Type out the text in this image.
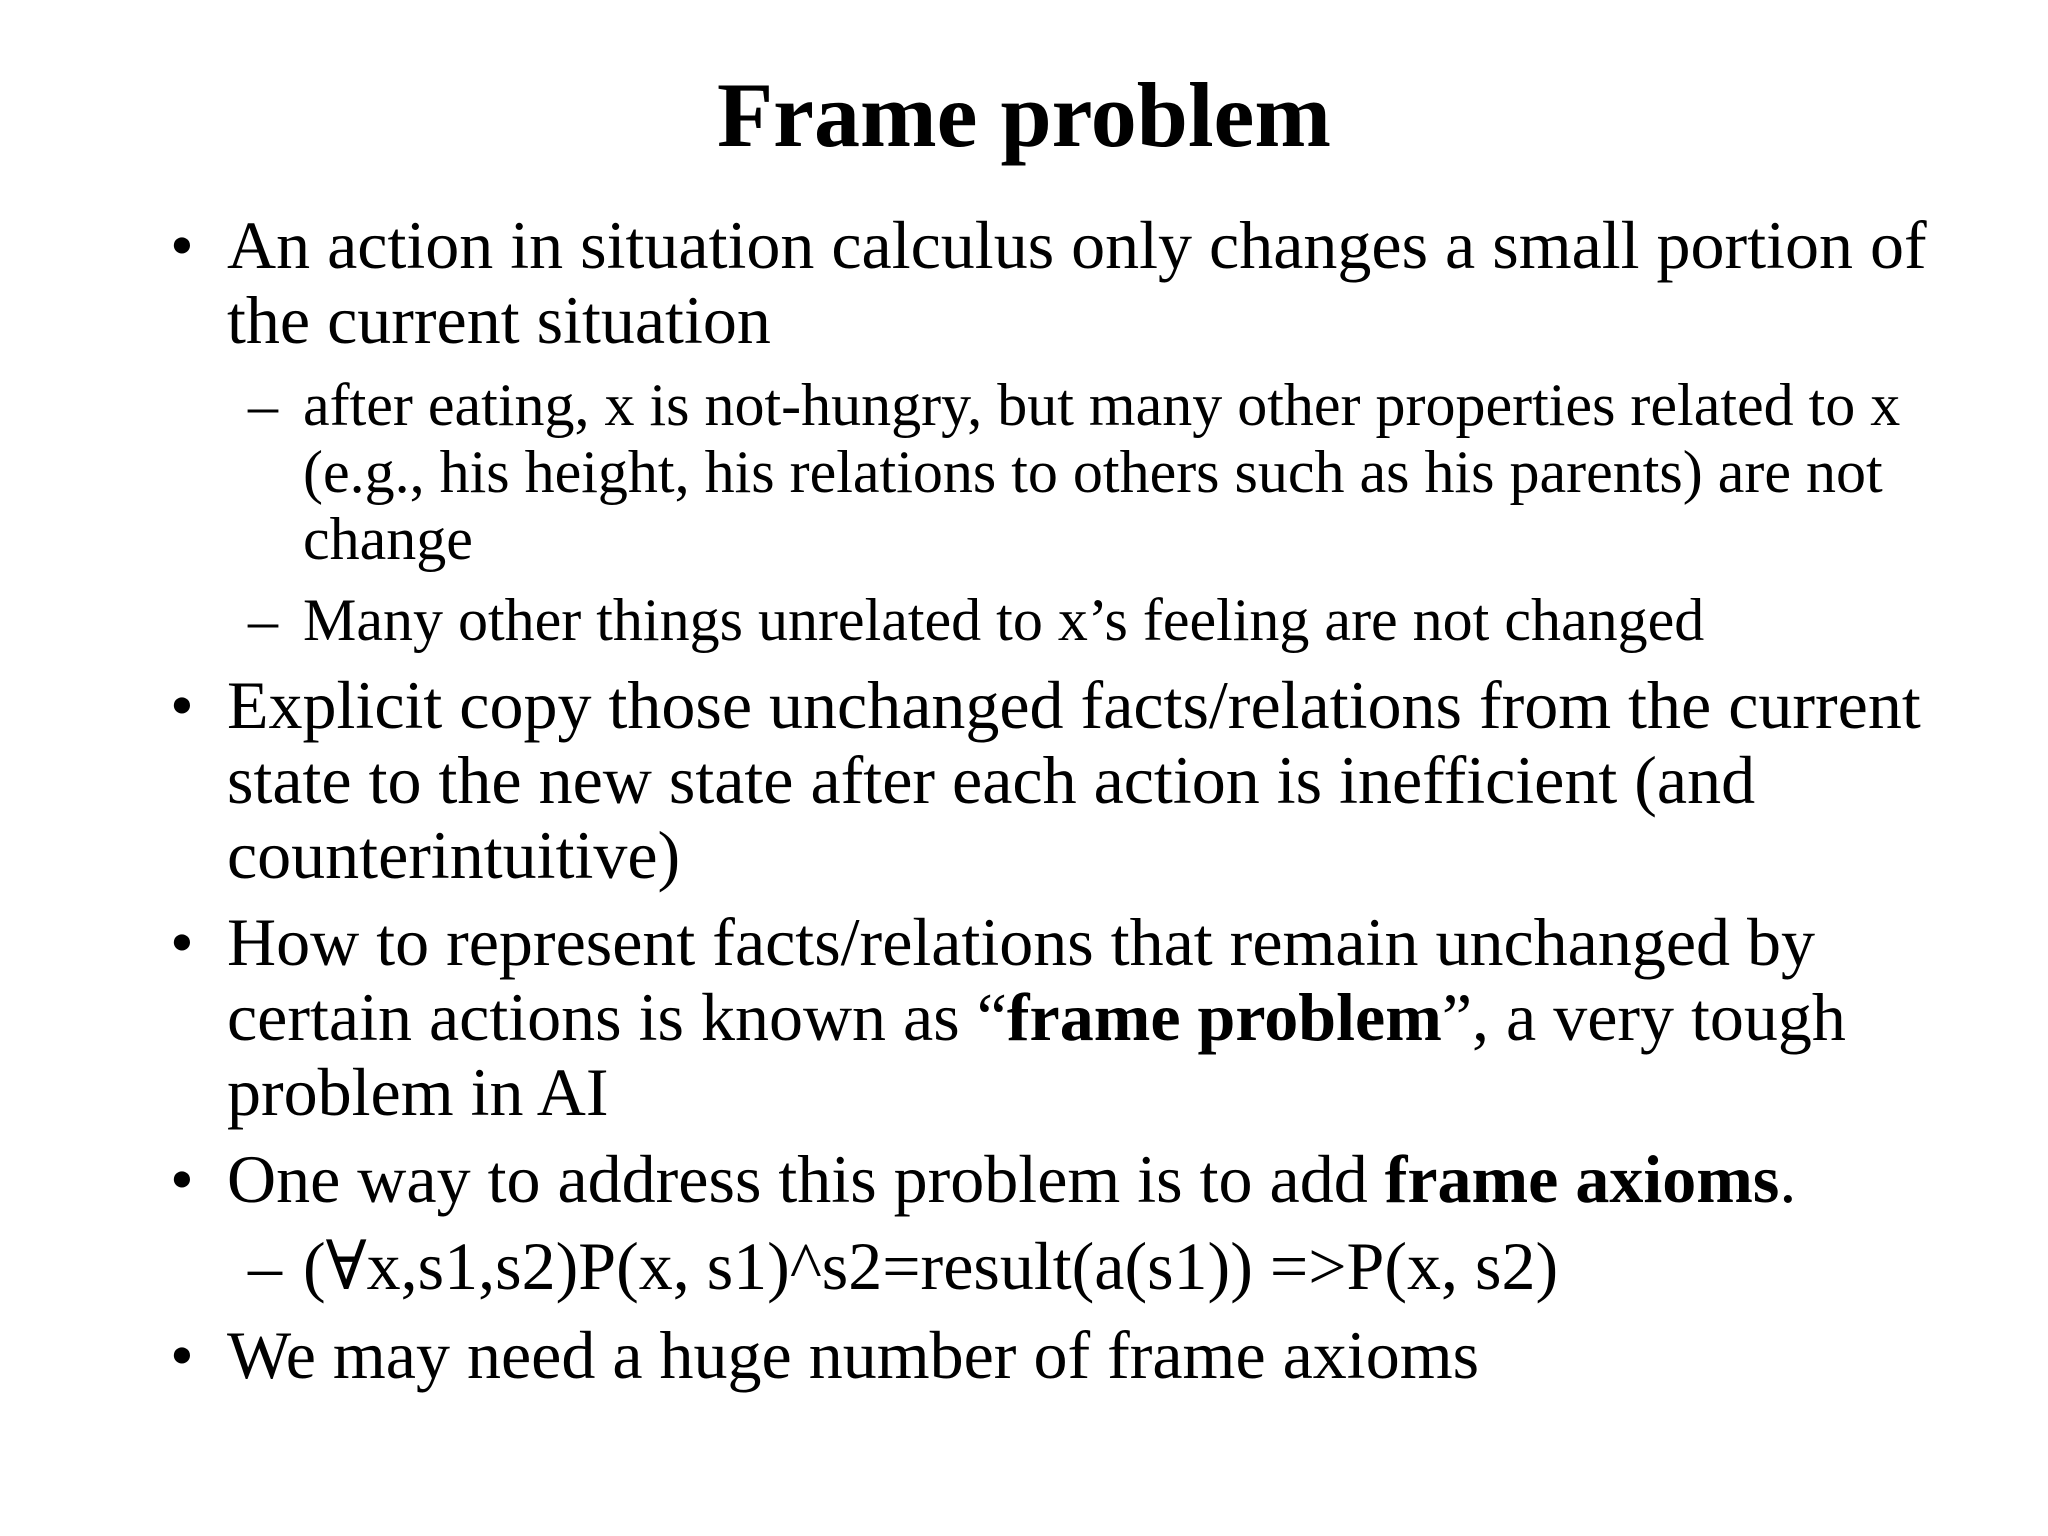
Frame problem
• An action in situation calculus only changes a small portion of the current situation
– after eating, x is not-hungry, but many other properties related to x (e.g., his height, his relations to others such as his parents) are not change
– Many other things unrelated to x’s feeling are not changed
• Explicit copy those unchanged facts/relations from the current state to the new state after each action is inefficient (and counterintuitive)
• How to represent facts/relations that remain unchanged by certain actions is known as “frame problem”, a very tough problem in AI
• One way to address this problem is to add frame axioms.
– (∀x,s1,s2)P(x, s1)^s2=result(a(s1)) =>P(x, s2)
• We may need a huge number of frame axioms
